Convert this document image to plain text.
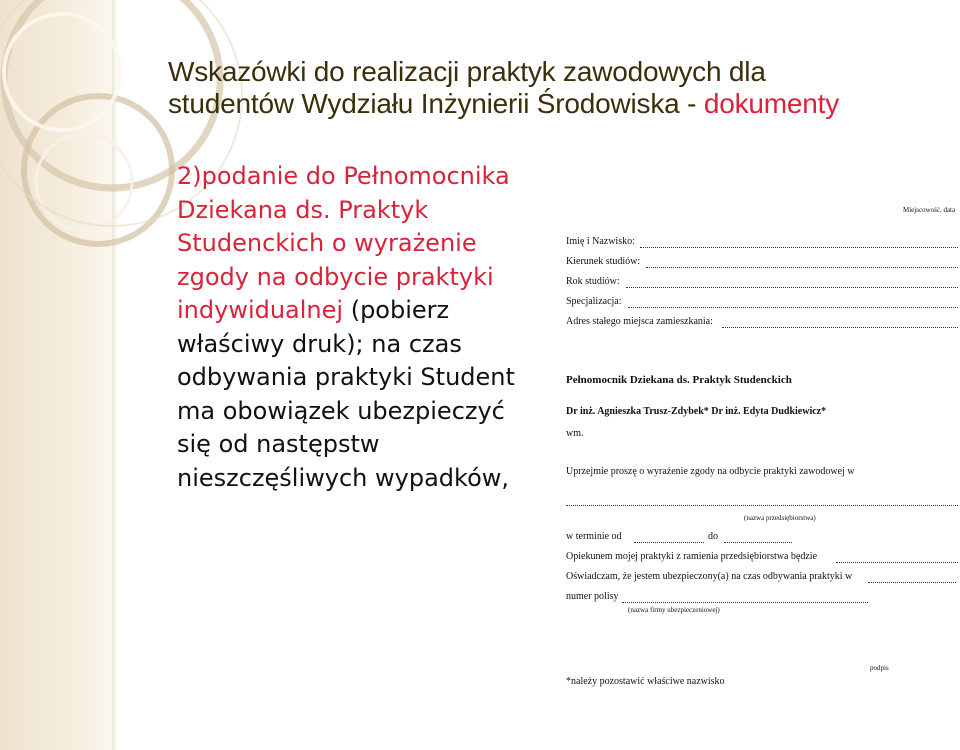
Wskazówki do realizacji praktyk zawodowych dla
studentów Wydziału Inżynierii Środowiska - dokumenty
2)podanie do Pełnomocnika Dziekana ds. Praktyk Studenckich o wyrażenie zgody na odbycie praktyki indywidualnej (pobierz właściwy druk); na czas odbywania praktyki Student ma obowiązek ubezpieczyć się od następstw nieszczęśliwych wypadków,
Miejscowość, data
Imię i Nazwisko:
Kierunek studiów:
Rok studiów:
Specjalizacja:
Adres stałego miejsca zamieszkania:
Pełnomocnik Dziekana ds. Praktyk Studenckich
Dr inż. Agnieszka Trusz-Zdybek* Dr inż. Edyta Dudkiewicz*
wm.
Uprzejmie proszę o wyrażenie zgody na odbycie praktyki zawodowej w
(nazwa przedsiębiorstwa)
w terminie od	do
Opiekunem mojej praktyki z ramienia przedsiębiorstwa będzie
Oświadczam, że jestem ubezpieczony(a) na czas odbywania praktyki w
numer polisy
(nazwa firmy ubezpieczeniowej)
podpis
*należy pozostawić właściwe nazwisko
